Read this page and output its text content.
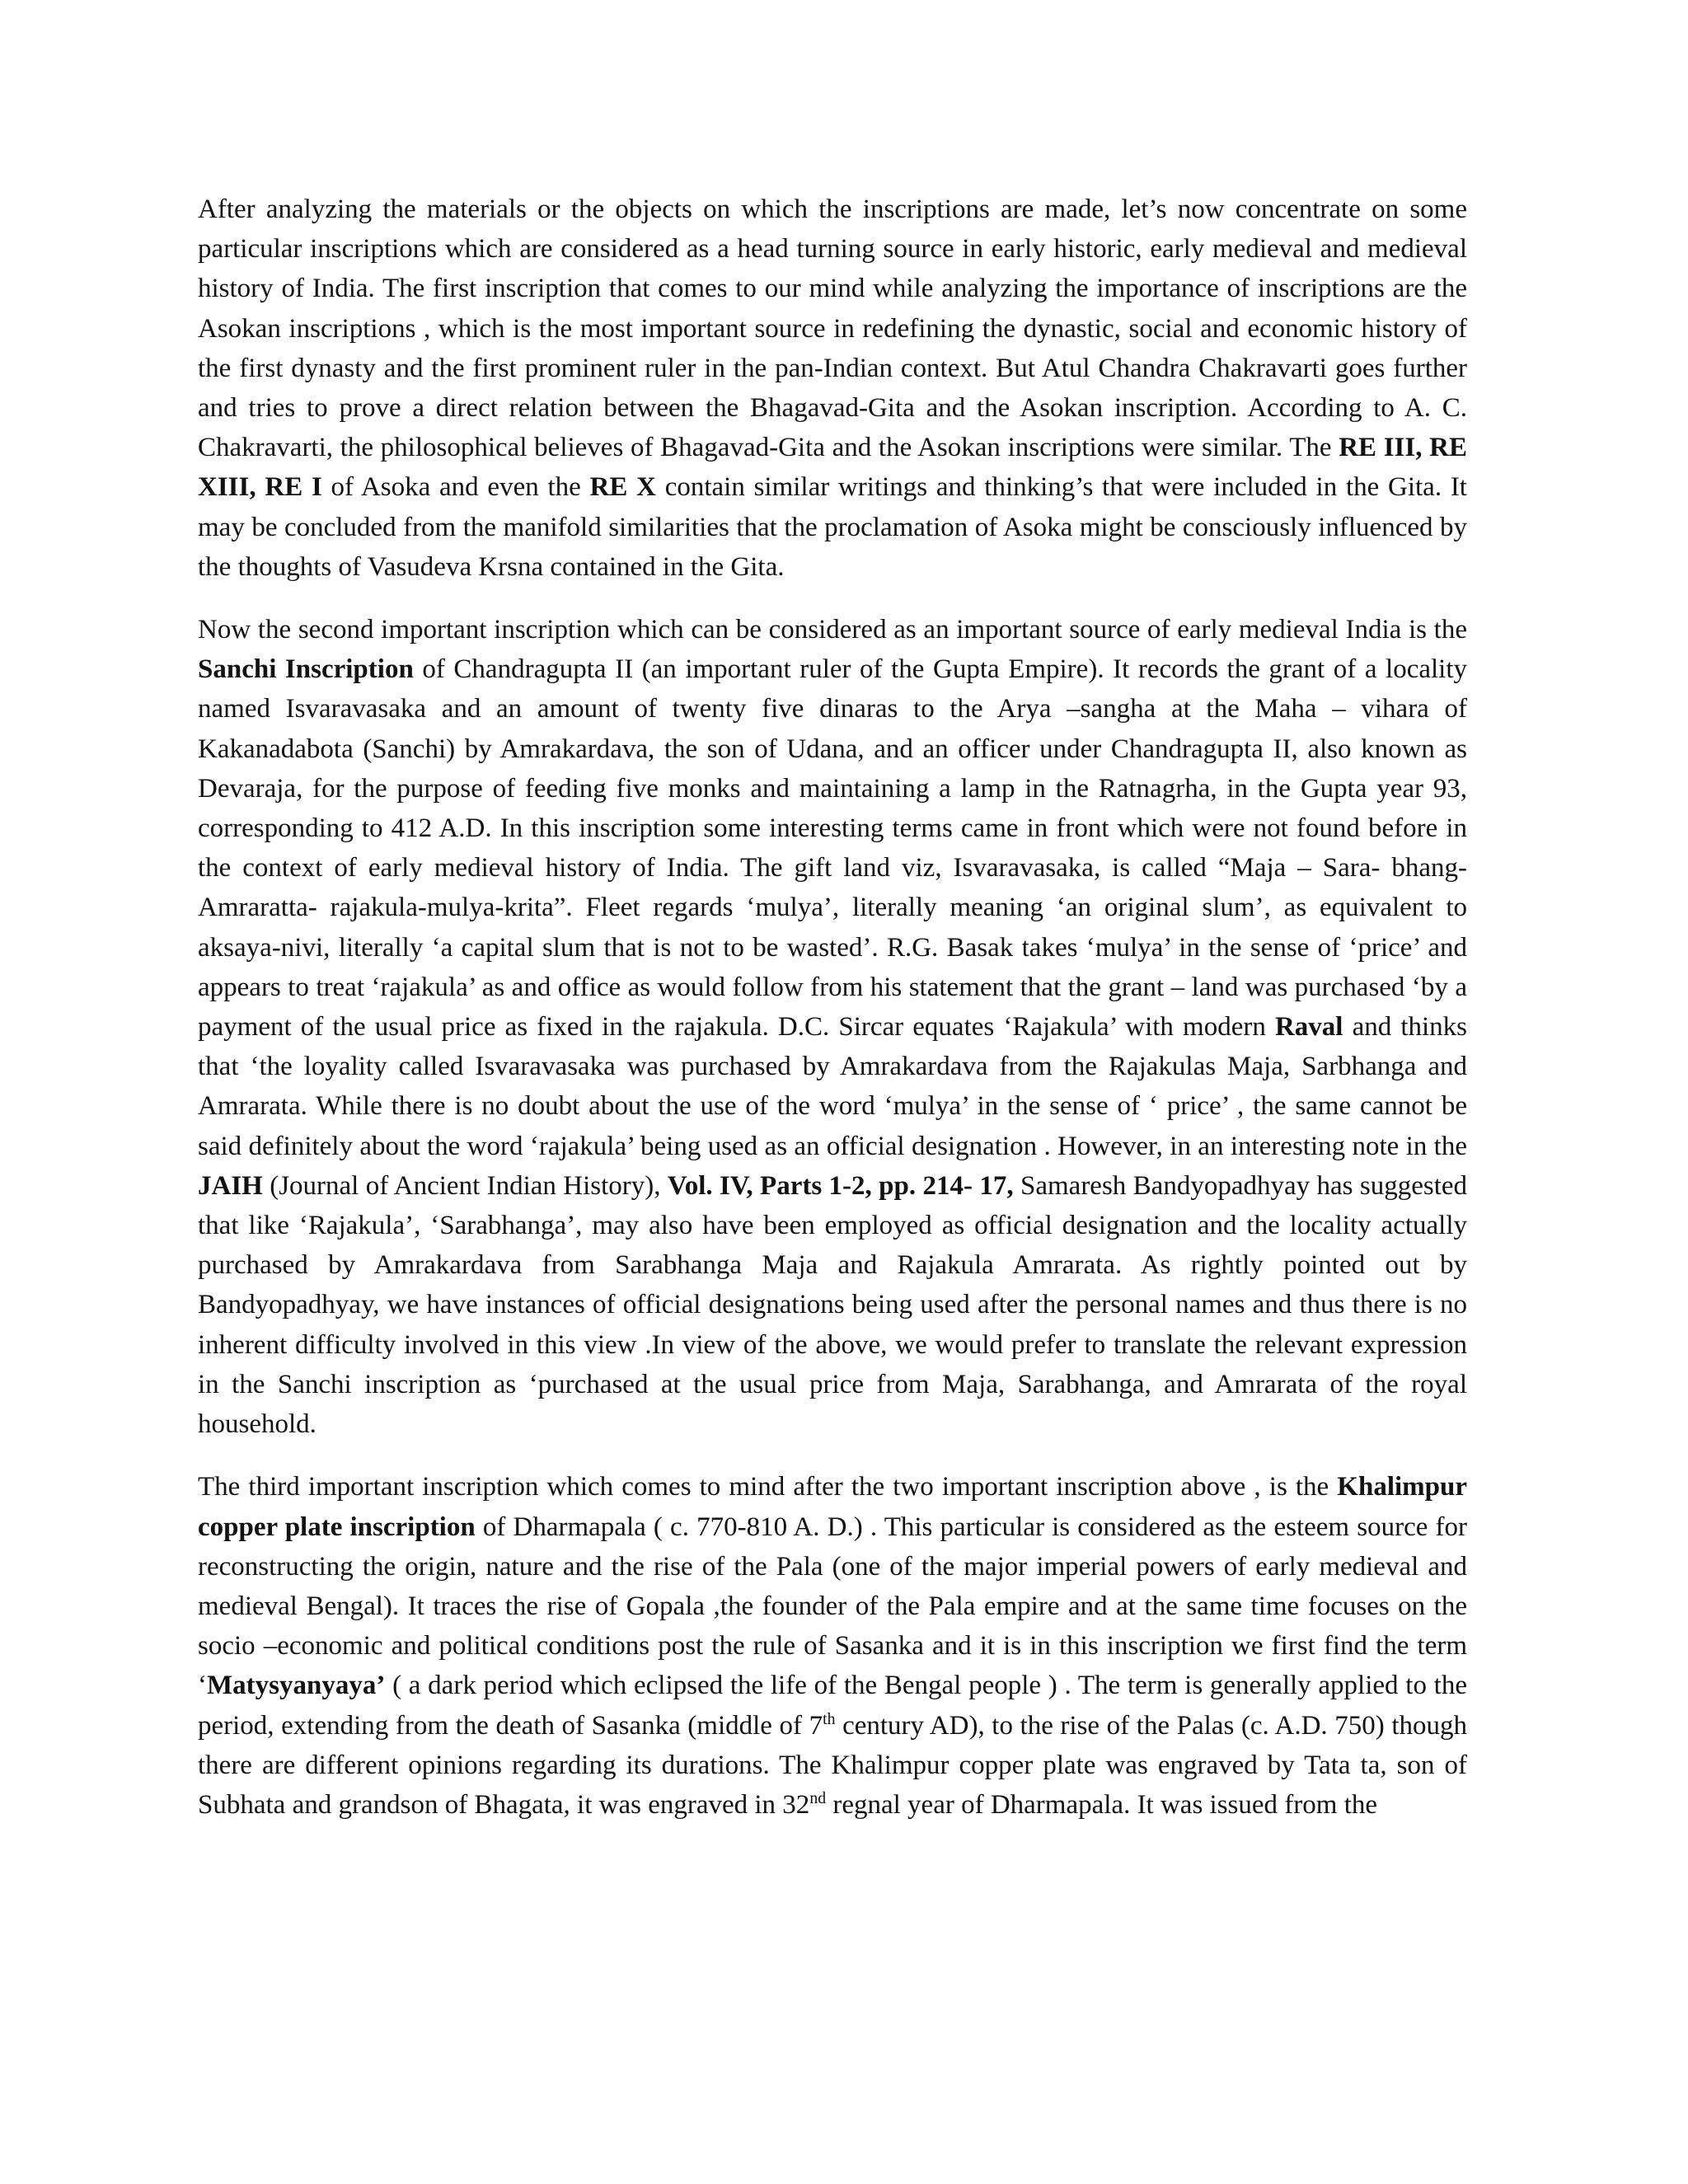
After analyzing the materials or the objects on which the inscriptions are made, let’s now concentrate on some particular inscriptions which are considered as a head turning source in early historic, early medieval and medieval history of India. The first inscription that comes to our mind while analyzing the importance of inscriptions are the Asokan inscriptions , which is the most important source in redefining the dynastic, social and economic history of the first dynasty and the first prominent ruler in the pan-Indian context. But Atul Chandra Chakravarti goes further and tries to prove a direct relation between the Bhagavad-Gita and the Asokan inscription. According to A. C. Chakravarti, the philosophical believes of Bhagavad-Gita and the Asokan inscriptions were similar. The RE III, RE XIII, RE I of Asoka and even the RE X contain similar writings and thinking’s that were included in the Gita. It may be concluded from the manifold similarities that the proclamation of Asoka might be consciously influenced by the thoughts of Vasudeva Krsna contained in the Gita.

Now the second important inscription which can be considered as an important source of early medieval India is the Sanchi Inscription of Chandragupta II (an important ruler of the Gupta Empire). It records the grant of a locality named Isvaravasaka and an amount of twenty five dinaras to the Arya –sangha at the Maha – vihara of Kakanadabota (Sanchi) by Amrakardava, the son of Udana, and an officer under Chandragupta II, also known as Devaraja, for the purpose of feeding five monks and maintaining a lamp in the Ratnagrha, in the Gupta year 93, corresponding to 412 A.D. In this inscription some interesting terms came in front which were not found before in the context of early medieval history of India. The gift land viz, Isvaravasaka, is called “Maja – Sara- bhang- Amraratta- rajakula-mulya-krita”. Fleet regards ‘mulya’, literally meaning ‘an original slum’, as equivalent to aksaya-nivi, literally ‘a capital slum that is not to be wasted’. R.G. Basak takes ‘mulya’ in the sense of ‘price’ and appears to treat ‘rajakula’ as and office as would follow from his statement that the grant – land was purchased ‘by a payment of the usual price as fixed in the rajakula. D.C. Sircar equates ‘Rajakula’ with modern Raval and thinks that ‘the loyality called Isvaravasaka was purchased by Amrakardava from the Rajakulas Maja, Sarbhanga and Amrarata. While there is no doubt about the use of the word ‘mulya’ in the sense of ‘ price’ , the same cannot be said definitely about the word ‘rajakula’ being used as an official designation . However, in an interesting note in the JAIH (Journal of Ancient Indian History), Vol. IV, Parts 1-2, pp. 214- 17, Samaresh Bandyopadhyay has suggested that like ‘Rajakula’, ‘Sarabhanga’, may also have been employed as official designation and the locality actually purchased by Amrakardava from Sarabhanga Maja and Rajakula Amrarata. As rightly pointed out by Bandyopadhyay, we have instances of official designations being used after the personal names and thus there is no inherent difficulty involved in this view .In view of the above, we would prefer to translate the relevant expression in the Sanchi inscription as ‘purchased at the usual price from Maja, Sarabhanga, and Amrarata of the royal household.

The third important inscription which comes to mind after the two important inscription above , is the Khalimpur copper plate inscription of Dharmapala ( c. 770-810 A. D.) . This particular is considered as the esteem source for reconstructing the origin, nature and the rise of the Pala (one of the major imperial powers of early medieval and medieval Bengal). It traces the rise of Gopala ,the founder of the Pala empire and at the same time focuses on the socio –economic and political conditions post the rule of Sasanka and it is in this inscription we first find the term ‘Matysyanyaya’ ( a dark period which eclipsed the life of the Bengal people ) . The term is generally applied to the period, extending from the death of Sasanka (middle of 7th century AD), to the rise of the Palas (c. A.D. 750) though there are different opinions regarding its durations. The Khalimpur copper plate was engraved by Tata ta, son of Subhata and grandson of Bhagata, it was engraved in 32nd regnal year of Dharmapala. It was issued from the
